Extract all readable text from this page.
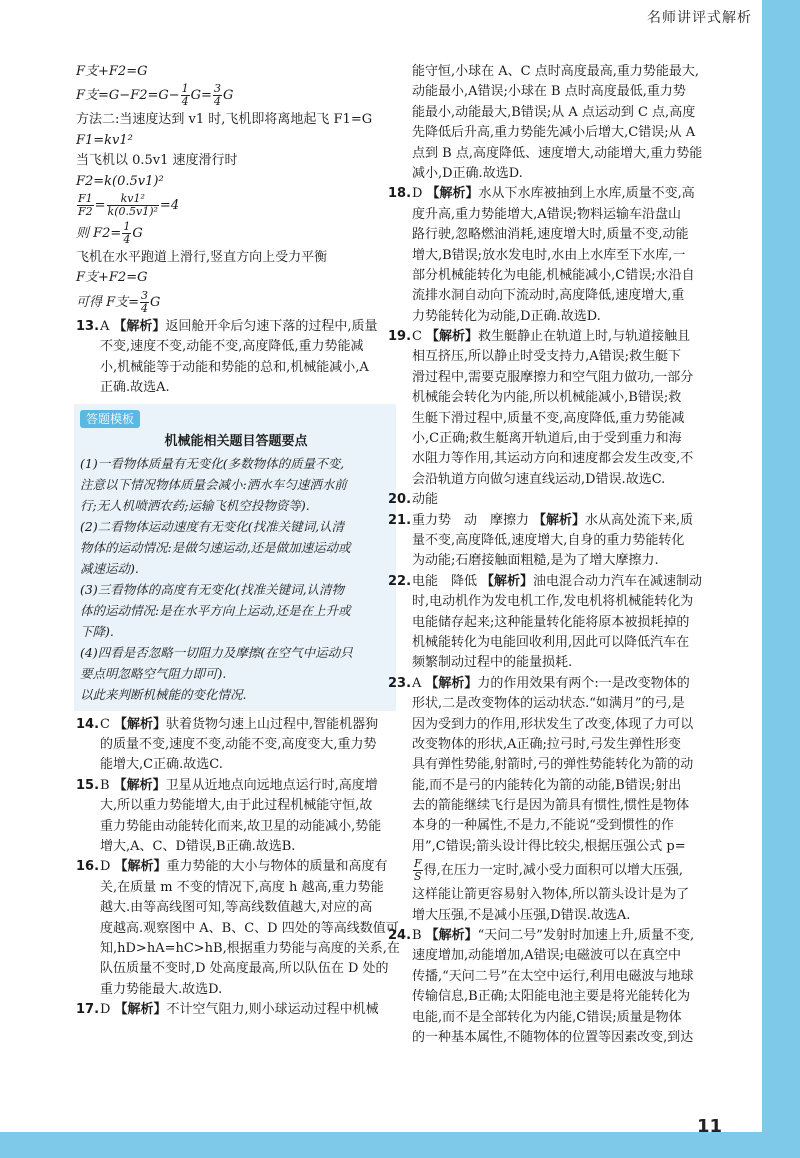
名师讲评式解析
F支+F2=G
F支$=G-F2=G- \frac{1}{4} G= \frac{3}{4}$ G
方法二:当速度达到 v1 时,飞机即将离地起飞 F1=G
F1=kv1²
当飞机以 0.5v1 速度滑行时
F2=k(0.5v1)²
$\frac{F1}{F2} = \frac{\text{kv1²}}{\text{k(0.5v1)²}} =4$
则 $F2= \frac{1}{4}$ G
飞机在水平跑道上滑行,竖直方向上受力平衡
F支+F2=G
可得 F支= $\frac{3}{4}$ G
13. A 【解析】返回舱开伞后匀速下落的过程中,质量
不变,速度不变,动能不变,高度降低,重力势能减
小,机械能等于动能和势能的总和,机械能减小,A
正确.故选A.
答题模板
机械能相关题目答题要点
(1)一看物体质量有无变化(多数物体的质量不变,
注意以下情况物体质量会减小:洒水车匀速洒水前
行;无人机喷洒农药;运输飞机空投物资等).
(2)二看物体运动速度有无变化(找准关键词,认清
物体的运动情况:是做匀速运动,还是做加速运动或
减速运动).
(3)三看物体的高度有无变化(找准关键词,认清物
体的运动情况:是在水平方向上运动,还是在上升或
下降).
(4)四看是否忽略一切阻力及摩擦(在空气中运动只
要点明忽略空气阻力即可).
以此来判断机械能的变化情况.
14. C 【解析】驮着货物匀速上山过程中,智能机器狗
的质量不变,速度不变,动能不变,高度变大,重力势
能增大,C正确.故选C.
15. B 【解析】卫星从近地点向远地点运行时,高度增
大,所以重力势能增大,由于此过程机械能守恒,故
重力势能由动能转化而来,故卫星的动能减小,势能
增大,A、C、D错误,B正确.故选B.
16. D 【解析】重力势能的大小与物体的质量和高度有
关,在质量 m 不变的情况下,高度 h 越高,重力势能
越大.由等高线图可知,等高线数值越大,对应的高
度越高.观察图中 A、B、C、D 四处的等高线数值可
知,hD>hA=hC>hB,根据重力势能与高度的关系,在
队伍质量不变时,D 处高度最高,所以队伍在 D 处的
重力势能最大.故选D.
17. D 【解析】不计空气阻力,则小球运动过程中机械
能守恒,小球在 A、C 点时高度最高,重力势能最大,
动能最小,A错误;小球在 B 点时高度最低,重力势
能最小,动能最大,B错误;从 A 点运动到 C 点,高度
先降低后升高,重力势能先减小后增大,C错误;从 A
点到 B 点,高度降低、速度增大,动能增大,重力势能
减小,D正确.故选D.
18. D 【解析】水从下水库被抽到上水库,质量不变,高
度升高,重力势能增大,A错误;物料运输车沿盘山
路行驶,忽略燃油消耗,速度增大时,质量不变,动能
增大,B错误;放水发电时,水由上水库至下水库,一
部分机械能转化为电能,机械能减小,C错误;水沿自
流排水洞自动向下流动时,高度降低,速度增大,重
力势能转化为动能,D正确.故选D.
19. C 【解析】救生艇静止在轨道上时,与轨道接触且
相互挤压,所以静止时受支持力,A错误;救生艇下
滑过程中,需要克服摩擦力和空气阻力做功,一部分
机械能会转化为内能,所以机械能减小,B错误;救
生艇下滑过程中,质量不变,高度降低,重力势能减
小,C正确;救生艇离开轨道后,由于受到重力和海
水阻力等作用,其运动方向和速度都会发生改变,不
会沿轨道方向做匀速直线运动,D错误.故选C.
20. 动能
21. 重力势　动　摩擦力 【解析】水从高处流下来,质
量不变,高度降低,速度增大,自身的重力势能转化
为动能;石磨接触面粗糙,是为了增大摩擦力.
22. 电能　降低 【解析】油电混合动力汽车在减速制动
时,电动机作为发电机工作,发电机将机械能转化为
电能储存起来;这种能量转化能将原本被损耗掉的
机械能转化为电能回收利用,因此可以降低汽车在
频繁制动过程中的能量损耗.
23. A 【解析】力的作用效果有两个:一是改变物体的
形状,二是改变物体的运动状态.“如满月”的弓,是
因为受到力的作用,形状发生了改变,体现了力可以
改变物体的形状,A正确;拉弓时,弓发生弹性形变
具有弹性势能,射箭时,弓的弹性势能转化为箭的动
能,而不是弓的内能转化为箭的动能,B错误;射出
去的箭能继续飞行是因为箭具有惯性,惯性是物体
本身的一种属性,不是力,不能说“受到惯性的作
用”,C错误;箭头设计得比较尖,根据压强公式 p=
$\frac{F}{S}$ 得,在压力一定时,减小受力面积可以增大压强,
这样能让箭更容易射入物体,所以箭头设计是为了
增大压强,不是减小压强,D错误.故选A.
24. B 【解析】“天问二号”发射时加速上升,质量不变,
速度增加,动能增加,A错误;电磁波可以在真空中
传播,“天问二号”在太空中运行,利用电磁波与地球
传输信息,B正确;太阳能电池主要是将光能转化为
电能,而不是全部转化为内能,C错误;质量是物体
的一种基本属性,不随物体的位置等因素改变,到达
11
